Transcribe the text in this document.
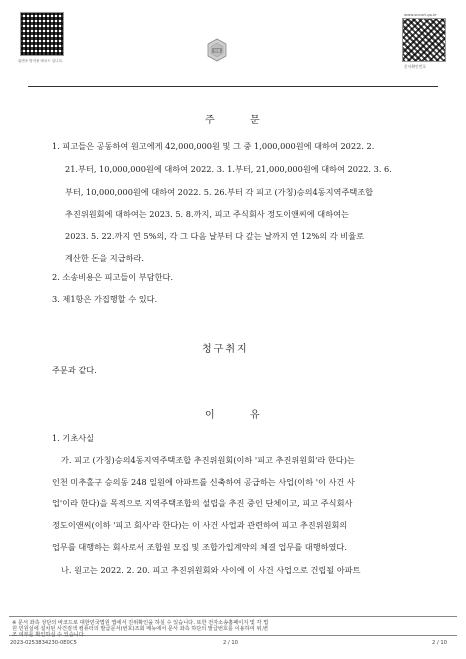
위변조 방지용 바코드 입니다.
법원
www.scourt.go.kr
문서확인번호
주	문
1. 피고들은 공동하여 원고에게 42,000,000원 및 그 중 1,000,000원에 대하여 2022. 2.
21.부터, 10,000,000원에 대하여 2022. 3. 1.부터, 21,000,000원에 대하여 2022. 3. 6.
부터, 10,000,000원에 대하여 2022. 5. 26.부터 각 피고 (가칭)승의4동지역주택조합
추진위원회에 대하여는 2023. 5. 8.까지, 피고 주식회사 정도이앤씨에 대하여는
2023. 5. 22.까지 연 5%의, 각 그 다음 날부터 다 갚는 날까지 연 12%의 각 비율로
계산한 돈을 지급하라.
2. 소송비용은 피고들이 부담한다.
3. 제1항은 가집행할 수 있다.
청구취지
주문과 같다.
이	유
1. 기초사실
가. 피고 (가칭)승의4동지역주택조합 추진위원회(이하 '피고 추진위원회'라 한다)는
인천 미추홀구 승의동 248 일원에 아파트를 신축하여 공급하는 사업(이하 '이 사건 사
업'이라 한다)을 목적으로 지역주택조합의 설립을 추진 중인 단체이고, 피고 주식회사
정도이앤씨(이하 '피고 회사'라 한다)는 이 사건 사업과 관련하여 피고 추진위원회의
업무를 대행하는 회사로서 조합원 모집 및 조합가입계약의 체결 업무를 대행하였다.
나. 원고는 2022. 2. 20. 피고 추진위원회와 사이에 이 사건 사업으로 건립될 아파트
※ 문서 좌측 상단의 바코드로 대한민국법원 앱에서 진위확인을 하실 수 있습니다. 또한 전자소송홈페이지 및 각 법
원 민원실에 설치된 사건검색 컴퓨터의 발급문서(번호)조회 메뉴에서 문서 좌측 하단의 발급번호를 이용하여 위,변
조 여부를 확인하실 수 있습니다.
2023-0253834230-0E0C5	2 / 10	2 / 10
